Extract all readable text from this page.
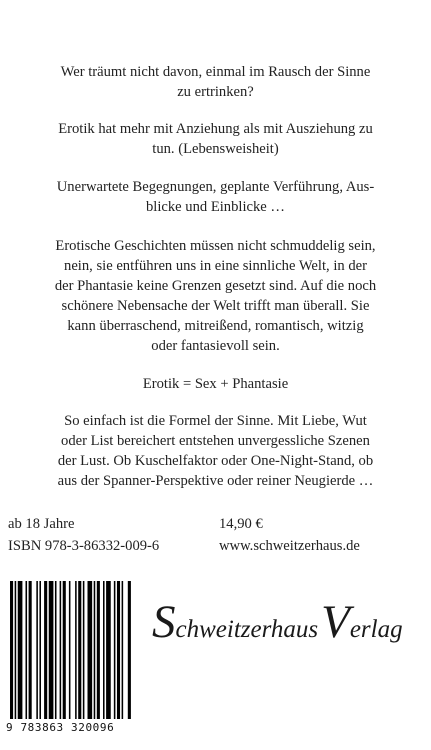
Wer träumt nicht davon, einmal im Rausch der Sinne
zu ertrinken?

Erotik hat mehr mit Anziehung als mit Ausziehung zu
tun. (Lebensweisheit)

Unerwartete Begegnungen, geplante Verführung, Aus-
blicke und Einblicke …

Erotische Geschichten müssen nicht schmuddelig sein,
nein, sie entführen uns in eine sinnliche Welt, in der
der Phantasie keine Grenzen gesetzt sind. Auf die noch
schönere Nebensache der Welt trifft man überall. Sie
kann überraschend, mitreißend, romantisch, witzig
oder fantasievoll sein.

Erotik = Sex + Phantasie

So einfach ist die Formel der Sinne. Mit Liebe, Wut
oder List bereichert entstehen unvergessliche Szenen
der Lust. Ob Kuschelfaktor oder One-Night-Stand, ob
aus der Spanner-Perspektive oder reiner Neugierde …

ab 18 Jahre
ISBN 978-3-86332-009-6
14,90 €
www.schweitzerhaus.de
9 783863 320096
SchweitzerhausVerlag
